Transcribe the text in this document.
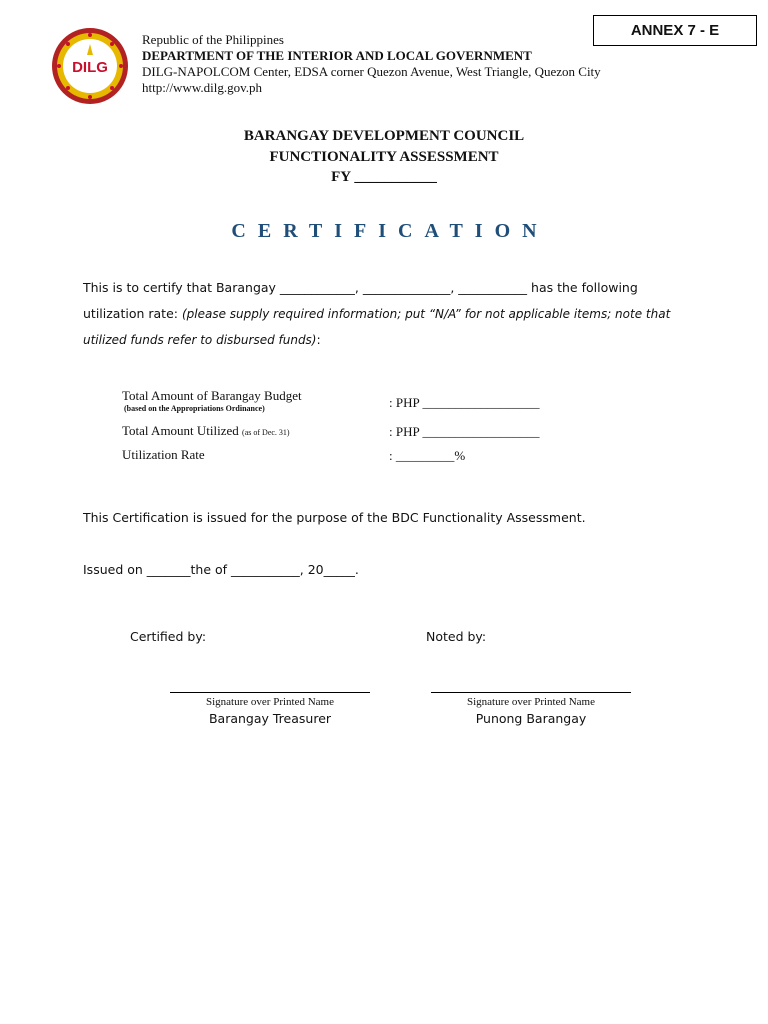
ANNEX 7 - E
DILG
Republic of the Philippines
DEPARTMENT OF THE INTERIOR AND LOCAL GOVERNMENT
DILG-NAPOLCOM Center, EDSA corner Quezon Avenue, West Triangle, Quezon City
http://www.dilg.gov.ph
BARANGAY DEVELOPMENT COUNCIL
FUNCTIONALITY ASSESSMENT
FY ___________
CERTIFICATION
This is to certify that Barangay ____________, ______________, ___________ has the following
utilization rate: (please supply required information; put “N/A” for not applicable items; note that
utilized funds refer to disbursed funds):
Total Amount of Barangay Budget
(based on the Appropriations Ordinance)	: PHP __________________
Total Amount Utilized (as of Dec. 31)	: PHP __________________
Utilization Rate	: _________%
This Certification is issued for the purpose of the BDC Functionality Assessment.
Issued on _______the of ___________, 20_____.
Certified by:	Noted by:
Signature over Printed Name
Barangay Treasurer
Signature over Printed Name
Punong Barangay
